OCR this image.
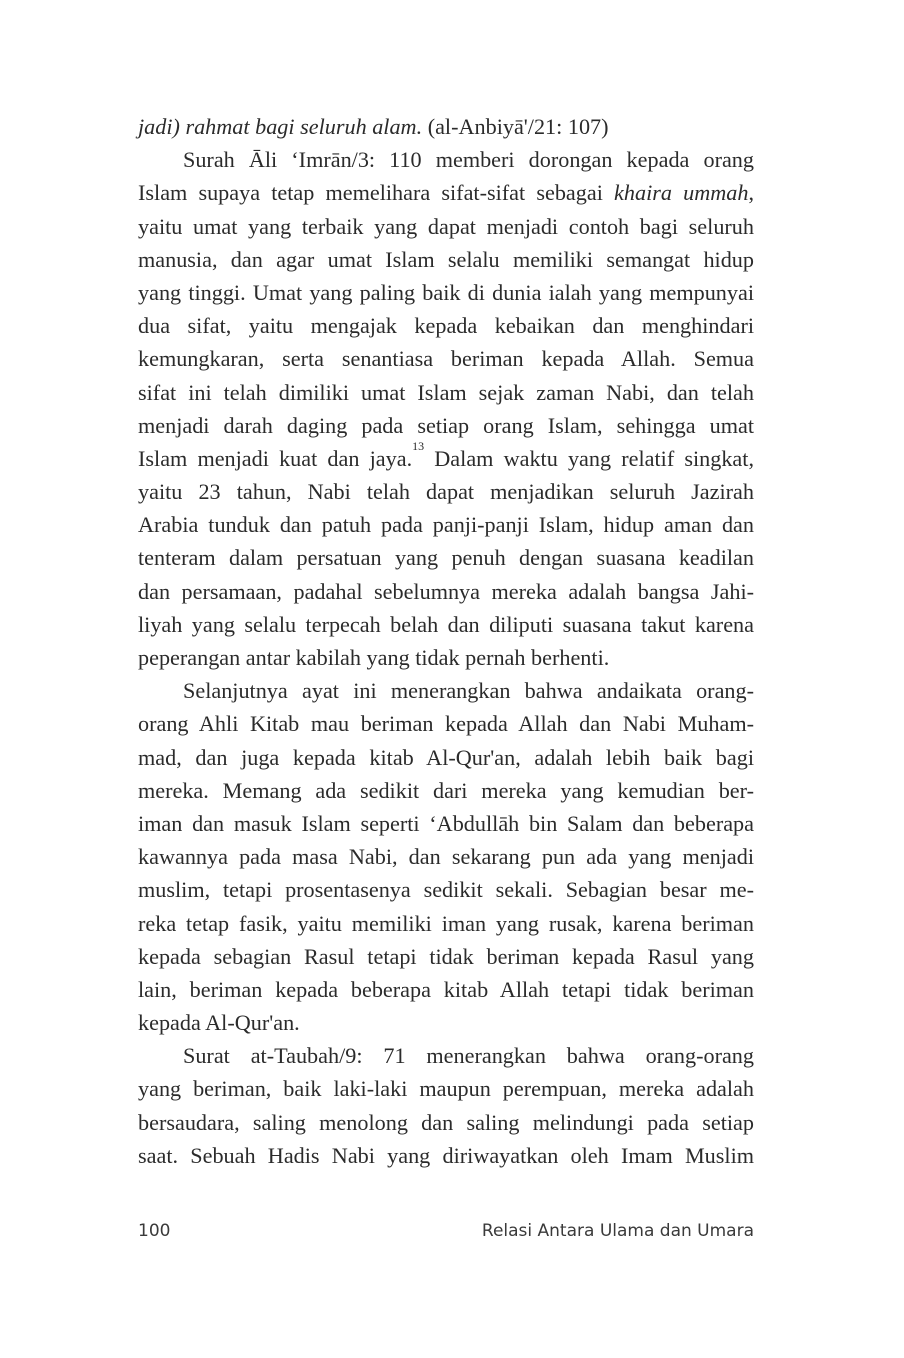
jadi) rahmat bagi seluruh alam. (al-Anbiyā'/21: 107)
Surah Āli ‘Imrān/3: 110 memberi dorongan kepada orang
Islam supaya tetap memelihara sifat-sifat sebagai khaira ummah,
yaitu umat yang terbaik yang dapat menjadi contoh bagi seluruh
manusia, dan agar umat Islam selalu memiliki semangat hidup
yang tinggi. Umat yang paling baik di dunia ialah yang mempunyai
dua sifat, yaitu mengajak kepada kebaikan dan menghindari
kemungkaran, serta senantiasa beriman kepada Allah. Semua
sifat ini telah dimiliki umat Islam sejak zaman Nabi, dan telah
menjadi darah daging pada setiap orang Islam, sehingga umat
Islam menjadi kuat dan jaya.$^{13}$ Dalam waktu yang relatif singkat,
yaitu 23 tahun, Nabi telah dapat menjadikan seluruh Jazirah
Arabia tunduk dan patuh pada panji-panji Islam, hidup aman dan
tenteram dalam persatuan yang penuh dengan suasana keadilan
dan persamaan, padahal sebelumnya mereka adalah bangsa Jahi-
liyah yang selalu terpecah belah dan diliputi suasana takut karena
peperangan antar kabilah yang tidak pernah berhenti.
Selanjutnya ayat ini menerangkan bahwa andaikata orang-
orang Ahli Kitab mau beriman kepada Allah dan Nabi Muham-
mad, dan juga kepada kitab Al-Qur'an, adalah lebih baik bagi
mereka. Memang ada sedikit dari mereka yang kemudian ber-
iman dan masuk Islam seperti ‘Abdullāh bin Salam dan beberapa
kawannya pada masa Nabi, dan sekarang pun ada yang menjadi
muslim, tetapi prosentasenya sedikit sekali. Sebagian besar me-
reka tetap fasik, yaitu memiliki iman yang rusak, karena beriman
kepada sebagian Rasul tetapi tidak beriman kepada Rasul yang
lain, beriman kepada beberapa kitab Allah tetapi tidak beriman
kepada Al-Qur'an.
Surat at-Taubah/9: 71 menerangkan bahwa orang-orang
yang beriman, baik laki-laki maupun perempuan, mereka adalah
bersaudara, saling menolong dan saling melindungi pada setiap
saat. Sebuah Hadis Nabi yang diriwayatkan oleh Imam Muslim
100	Relasi Antara Ulama dan Umara
